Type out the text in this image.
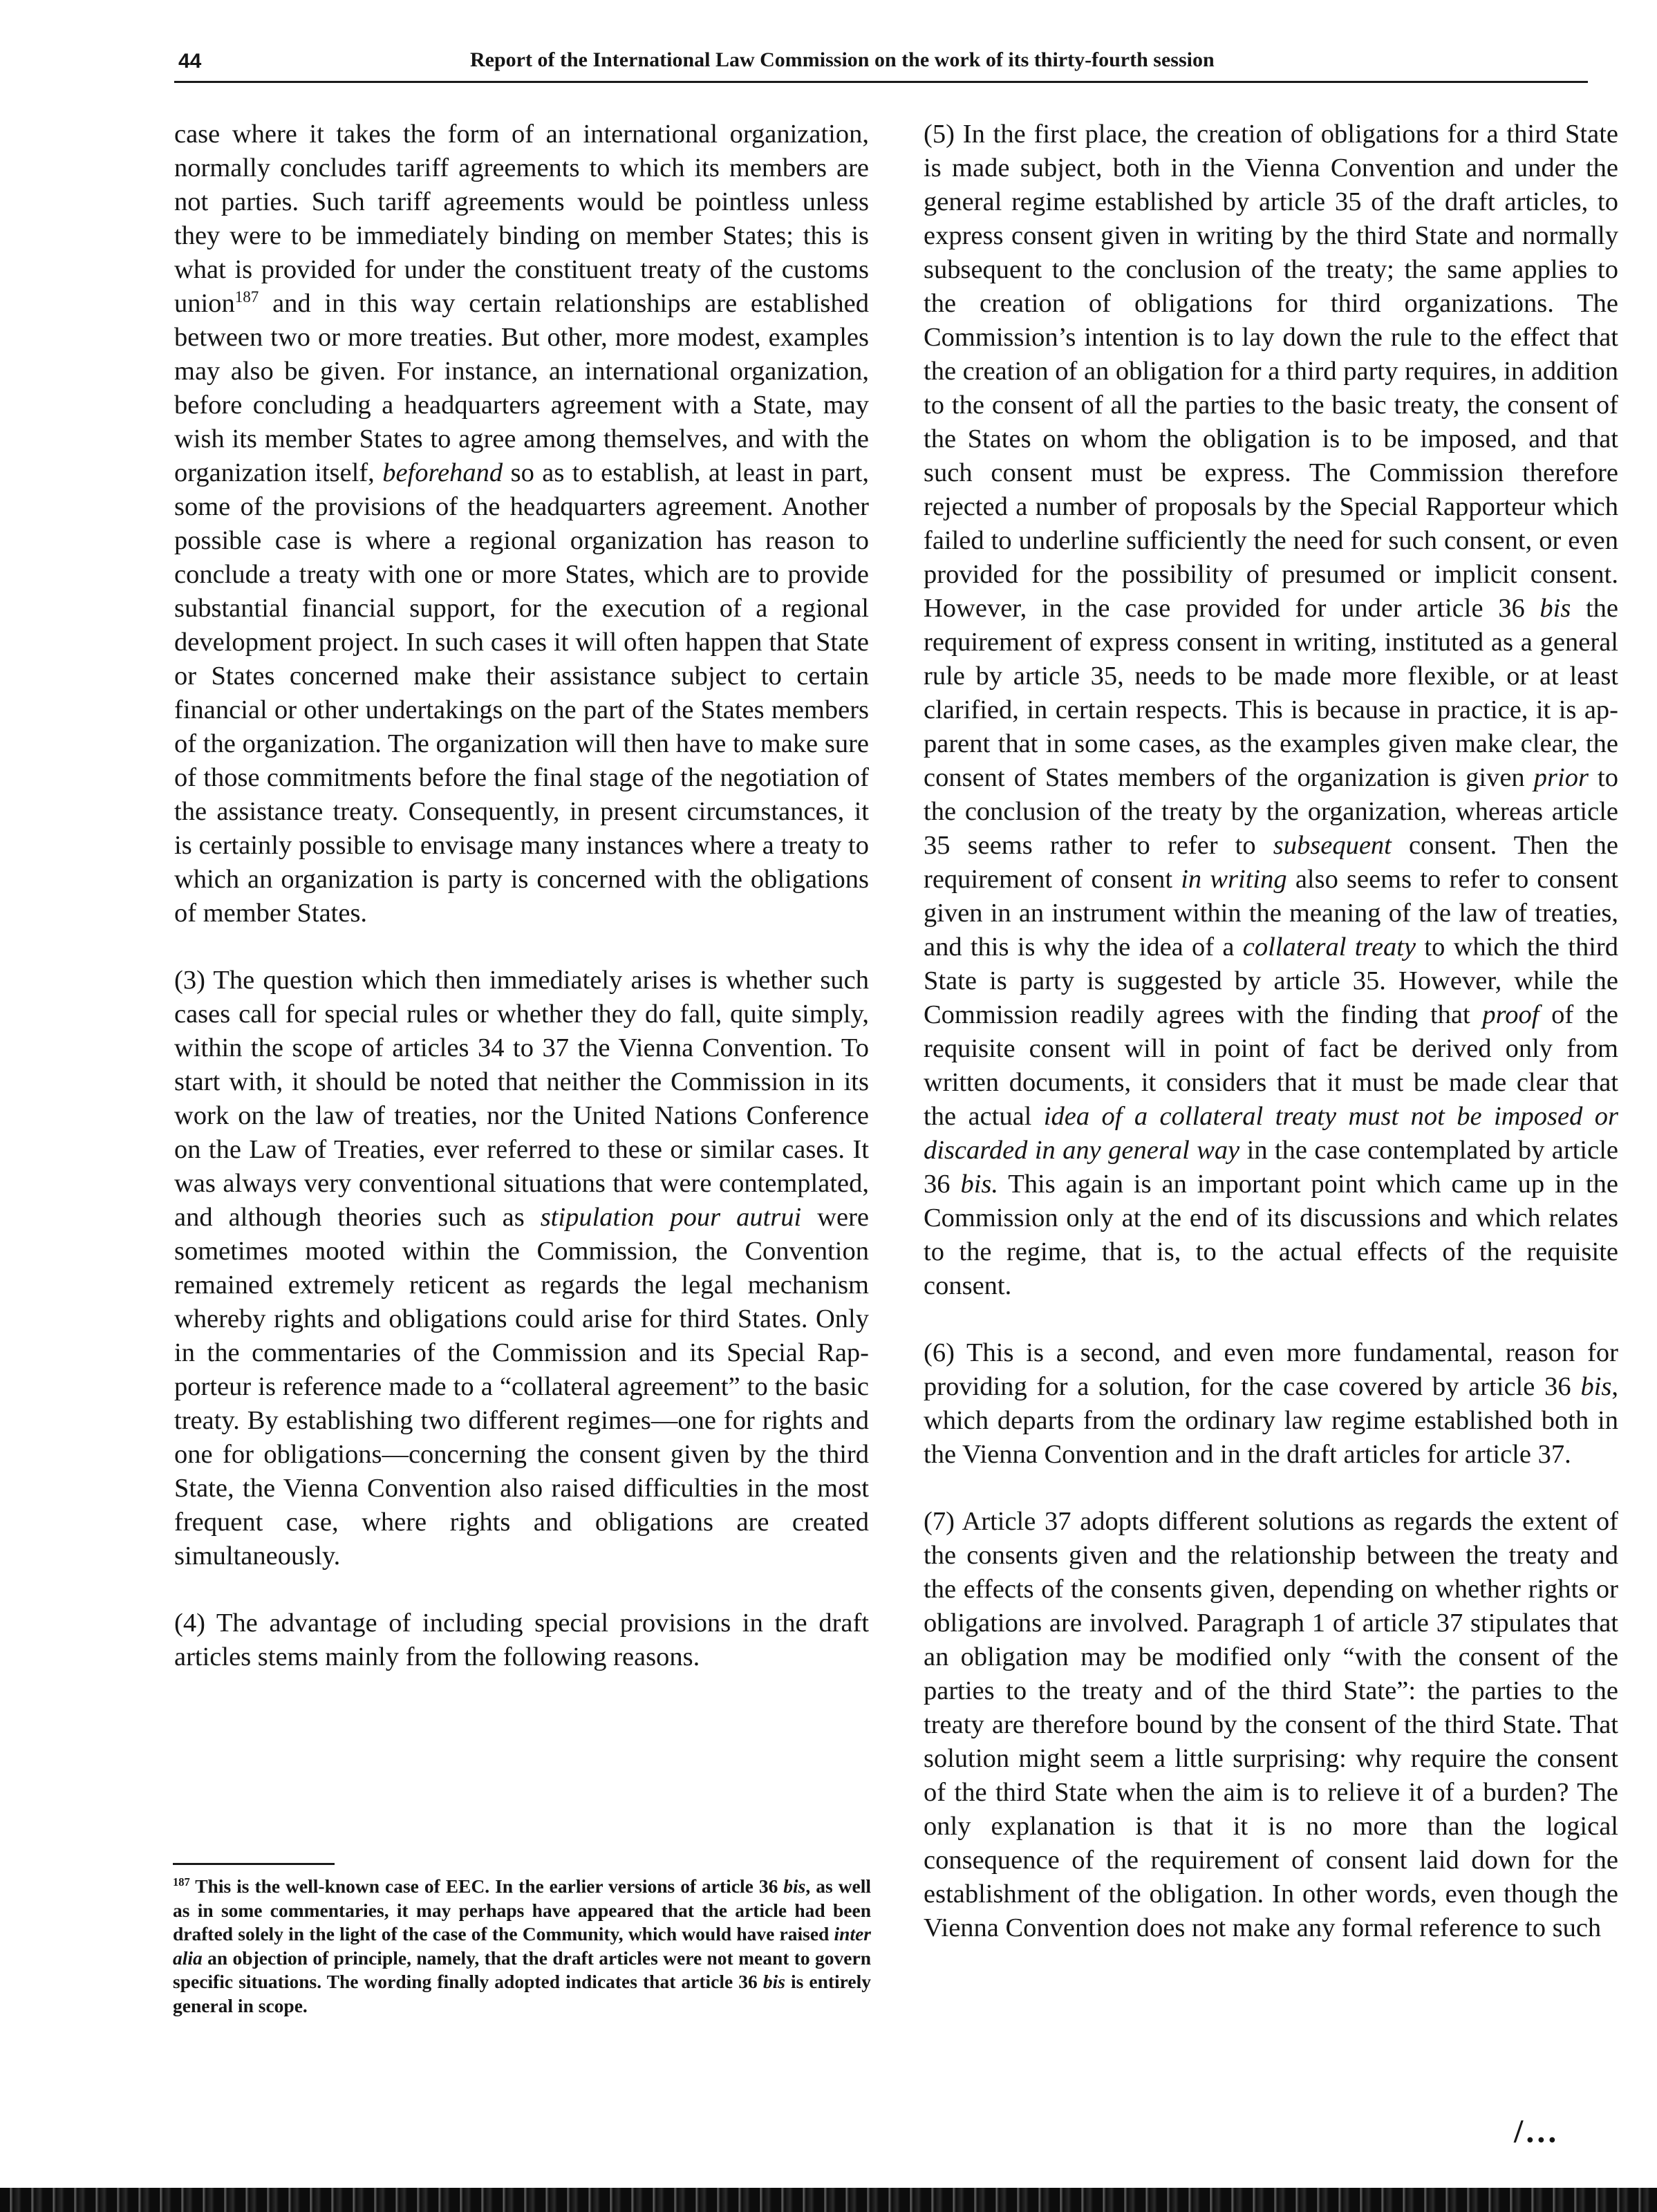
44	Report of the International Law Commission on the work of its thirty-fourth session

case where it takes the form of an international organization, normally concludes tariff agreements to which its members are not parties. Such tariff agreements would be pointless unless they were to be immediately binding on member States; this is what is provided for under the constituent treaty of the customs union$^{187}$ and in this way certain relationships are established between two or more treaties. But other, more modest, examples may also be given. For instance, an international organization, before concluding a headquarters agreement with a State, may wish its member States to agree among themselves, and with the organization itself, beforehand so as to establish, at least in part, some of the provisions of the headquarters agreement. Another possible case is where a regional organization has reason to conclude a treaty with one or more States, which are to provide substantial financial support, for the execution of a regional development project. In such cases it will often happen that State or States concerned make their assistance subject to certain financial or other undertakings on the part of the States members of the organization. The organization will then have to make sure of those commitments before the final stage of the negotiation of the assistance treaty. Consequently, in present circumstances, it is certainly possible to envisage many instances where a treaty to which an organization is party is concerned with the obligations of member States.

(3) The question which then immediately arises is whether such cases call for special rules or whether they do fall, quite simply, within the scope of articles 34 to 37 the Vienna Convention. To start with, it should be noted that neither the Commission in its work on the law of treaties, nor the United Nations Conference on the Law of Treaties, ever referred to these or similar cases. It was always very conventional situations that were contemplated, and although theories such as stipulation pour autrui were sometimes mooted within the Commission, the Convention remained extremely reticent as regards the legal mechanism whereby rights and obligations could arise for third States. Only in the commentaries of the Commission and its Special Rapporteur is reference made to a “collateral agreement” to the basic treaty. By establishing two different regimes—one for rights and one for obligations—concerning the consent given by the third State, the Vienna Convention also raised difficulties in the most frequent case, where rights and obligations are created simultaneously.

(4) The advantage of including special provisions in the draft articles stems mainly from the following reasons.

$^{187}$ This is the well-known case of EEC. In the earlier versions of article 36 bis, as well as in some commentaries, it may perhaps have appeared that the article had been drafted solely in the light of the case of the Community, which would have raised inter alia an objection of principle, namely, that the draft articles were not meant to govern specific situations. The wording finally adopted indicates that article 36 bis is entirely general in scope.

(5) In the first place, the creation of obligations for a third State is made subject, both in the Vienna Convention and under the general regime established by article 35 of the draft articles, to express consent given in writing by the third State and normally subsequent to the conclusion of the treaty; the same applies to the creation of obligations for third organizations. The Commission’s intention is to lay down the rule to the effect that the creation of an obligation for a third party requires, in addition to the consent of all the parties to the basic treaty, the consent of the States on whom the obligation is to be imposed, and that such consent must be express. The Commission therefore rejected a number of proposals by the Special Rapporteur which failed to underline sufficiently the need for such consent, or even provided for the possibility of presumed or implicit consent. However, in the case provided for under article 36 bis the requirement of express consent in writing, instituted as a general rule by article 35, needs to be made more flexible, or at least clarified, in certain respects. This is because in practice, it is apparent that in some cases, as the examples given make clear, the consent of States members of the organization is given prior to the conclusion of the treaty by the organization, whereas article 35 seems rather to refer to subsequent consent. Then the requirement of consent in writing also seems to refer to consent given in an instrument within the meaning of the law of treaties, and this is why the idea of a collateral treaty to which the third State is party is suggested by article 35. However, while the Commission readily agrees with the finding that proof of the requisite consent will in point of fact be derived only from written documents, it considers that it must be made clear that the actual idea of a collateral treaty must not be imposed or discarded in any general way in the case contemplated by article 36 bis. This again is an important point which came up in the Commission only at the end of its discussions and which relates to the regime, that is, to the actual effects of the requisite consent.

(6) This is a second, and even more fundamental, reason for providing for a solution, for the case covered by article 36 bis, which departs from the ordinary law regime established both in the Vienna Convention and in the draft articles for article 37.

(7) Article 37 adopts different solutions as regards the extent of the consents given and the relationship between the treaty and the effects of the consents given, depending on whether rights or obligations are involved. Paragraph 1 of article 37 stipulates that an obligation may be modified only “with the consent of the parties to the treaty and of the third State”: the parties to the treaty are therefore bound by the consent of the third State. That solution might seem a little surprising: why require the consent of the third State when the aim is to relieve it of a burden? The only explanation is that it is no more than the logical consequence of the requirement of consent laid down for the establishment of the obligation. In other words, even though the Vienna Convention does not make any formal reference to such

/...
